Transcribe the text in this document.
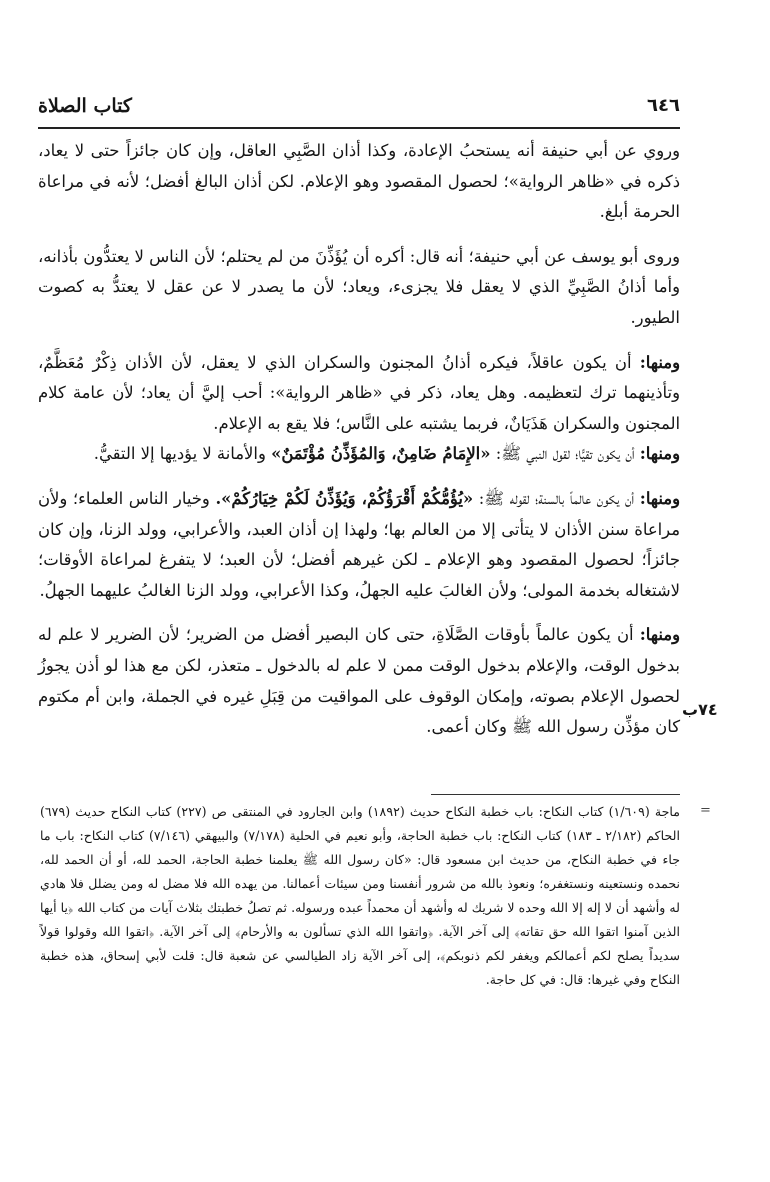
٦٤٦
كتاب الصلاة

وروي عن أبي حنيفة أنه يستحبُ الإعادة، وكذا أذان الصَّبِي العاقل، وإن كان جائزاً حتى لا يعاد، ذكره في «ظاهر الرواية»؛ لحصول المقصود وهو الإعلام. لكن أذان البالغ أفضل؛ لأنه في مراعاة الحرمة أبلغ.

وروى أبو يوسف عن أبي حنيفة؛ أنه قال: أكره أن يُؤَذِّنَ من لم يحتلم؛ لأن الناس لا يعتدُّون بأذانه، وأما أذانُ الصَّبِيِّ الذي لا يعقل فلا يجزىء، ويعاد؛ لأن ما يصدر لا عن عقل لا يعتدُّ به كصوت الطيور.

ومنها: أن يكون عاقلاً، فيكره أذانُ المجنون والسكران الذي لا يعقل، لأن الأذان ذِكْرٌ مُعَظَّمٌ، وتأذينهما ترك لتعظيمه. وهل يعاد، ذكر في «ظاهر الرواية»: أحب إليَّ أن يعاد؛ لأن عامة كلام المجنون والسكران هَذَيَانٌ، فربما يشتبه على النَّاس؛ فلا يقع به الإعلام.

ومنها: أن يكون تقيًّا؛ لقول النبي ﷺ: «الإِمَامُ ضَامِنٌ، وَالمُؤَذِّنُ مُؤْتَمَنٌ» والأمانة لا يؤديها إلا التقيُّ.

ومنها: أن يكون عالماً بالسنة؛ لقوله ﷺ: «يُؤُمُّكُمْ أَقْرَؤُكُمْ، وَيُؤَذِّنُ لَكُمْ خِيَارُكُمْ». وخيار الناس العلماء؛ ولأن مراعاة سنن الأذان لا يتأتى إلا من العالم بها؛ ولهذا إن أذان العبد، والأعرابي، وولد الزنا، وإن كان جائزاً؛ لحصول المقصود وهو الإعلام ـ لكن غيرهم أفضل؛ لأن العبد؛ لا يتفرغ لمراعاة الأوقات؛ لاشتغاله بخدمة المولى؛ ولأن الغالبَ عليه الجهلُ، وكذا الأعرابي، وولد الزنا الغالبُ عليهما الجهلُ.

ومنها: أن يكون عالماً بأوقات الصَّلَاةِ، حتى كان البصير أفضل من الضرير؛ لأن الضرير لا علم له بدخول الوقت، والإعلام بدخول الوقت ممن لا علم له بالدخول ـ متعذر، لكن مع هذا لو أذن يجوزُ لحصول الإعلام بصوته، وإمكان الوقوف على المواقيت من قِبَلِ غيره في الجملة، وابن أم مكتوم كان مؤذِّن رسول الله ﷺ وكان أعمى.

٧٤ب
=

ماجة (١/٦٠٩) كتاب النكاح: باب خطبة النكاح حديث (١٨٩٢) وابن الجارود في المنتقى ص (٢٢٧) كتاب النكاح حديث (٦٧٩) الحاكم (٢/١٨٢ ـ ١٨٣) كتاب النكاح: باب خطبة الحاجة، وأبو نعيم في الحلية (٧/١٧٨) والبيهقي (٧/١٤٦) كتاب النكاح: باب ما جاء في خطبة النكاح، من حديث ابن مسعود قال: «كان رسول الله ﷺ يعلمنا خطبة الحاجة، الحمد لله، أو أن الحمد لله، نحمده ونستعينه ونستغفره؛ ونعوذ بالله من شرور أنفسنا ومن سيئات أعمالنا. من يهده الله فلا مضل له ومن يضلل فلا هادي له وأشهد أن لا إله إلا الله وحده لا شريك له وأشهد أن محمداً عبده ورسوله. ثم تصلُ خطبتك بثلاث آيات من كتاب الله ﴿يا أيها الذين آمنوا اتقوا الله حق تقاته﴾ إلى آخر الآية. ﴿واتقوا الله الذي تسألون به والأرحام﴾ إلى آخر الآية. ﴿اتقوا الله وقولوا قولاً سديداً يصلح لكم أعمالكم ويغفر لكم ذنوبكم﴾، إلى آخر الآية زاد الطيالسي عن شعبة قال: قلت لأبي إسحاق، هذه خطبة النكاح وفي غيرها: قال: في كل حاجة.
